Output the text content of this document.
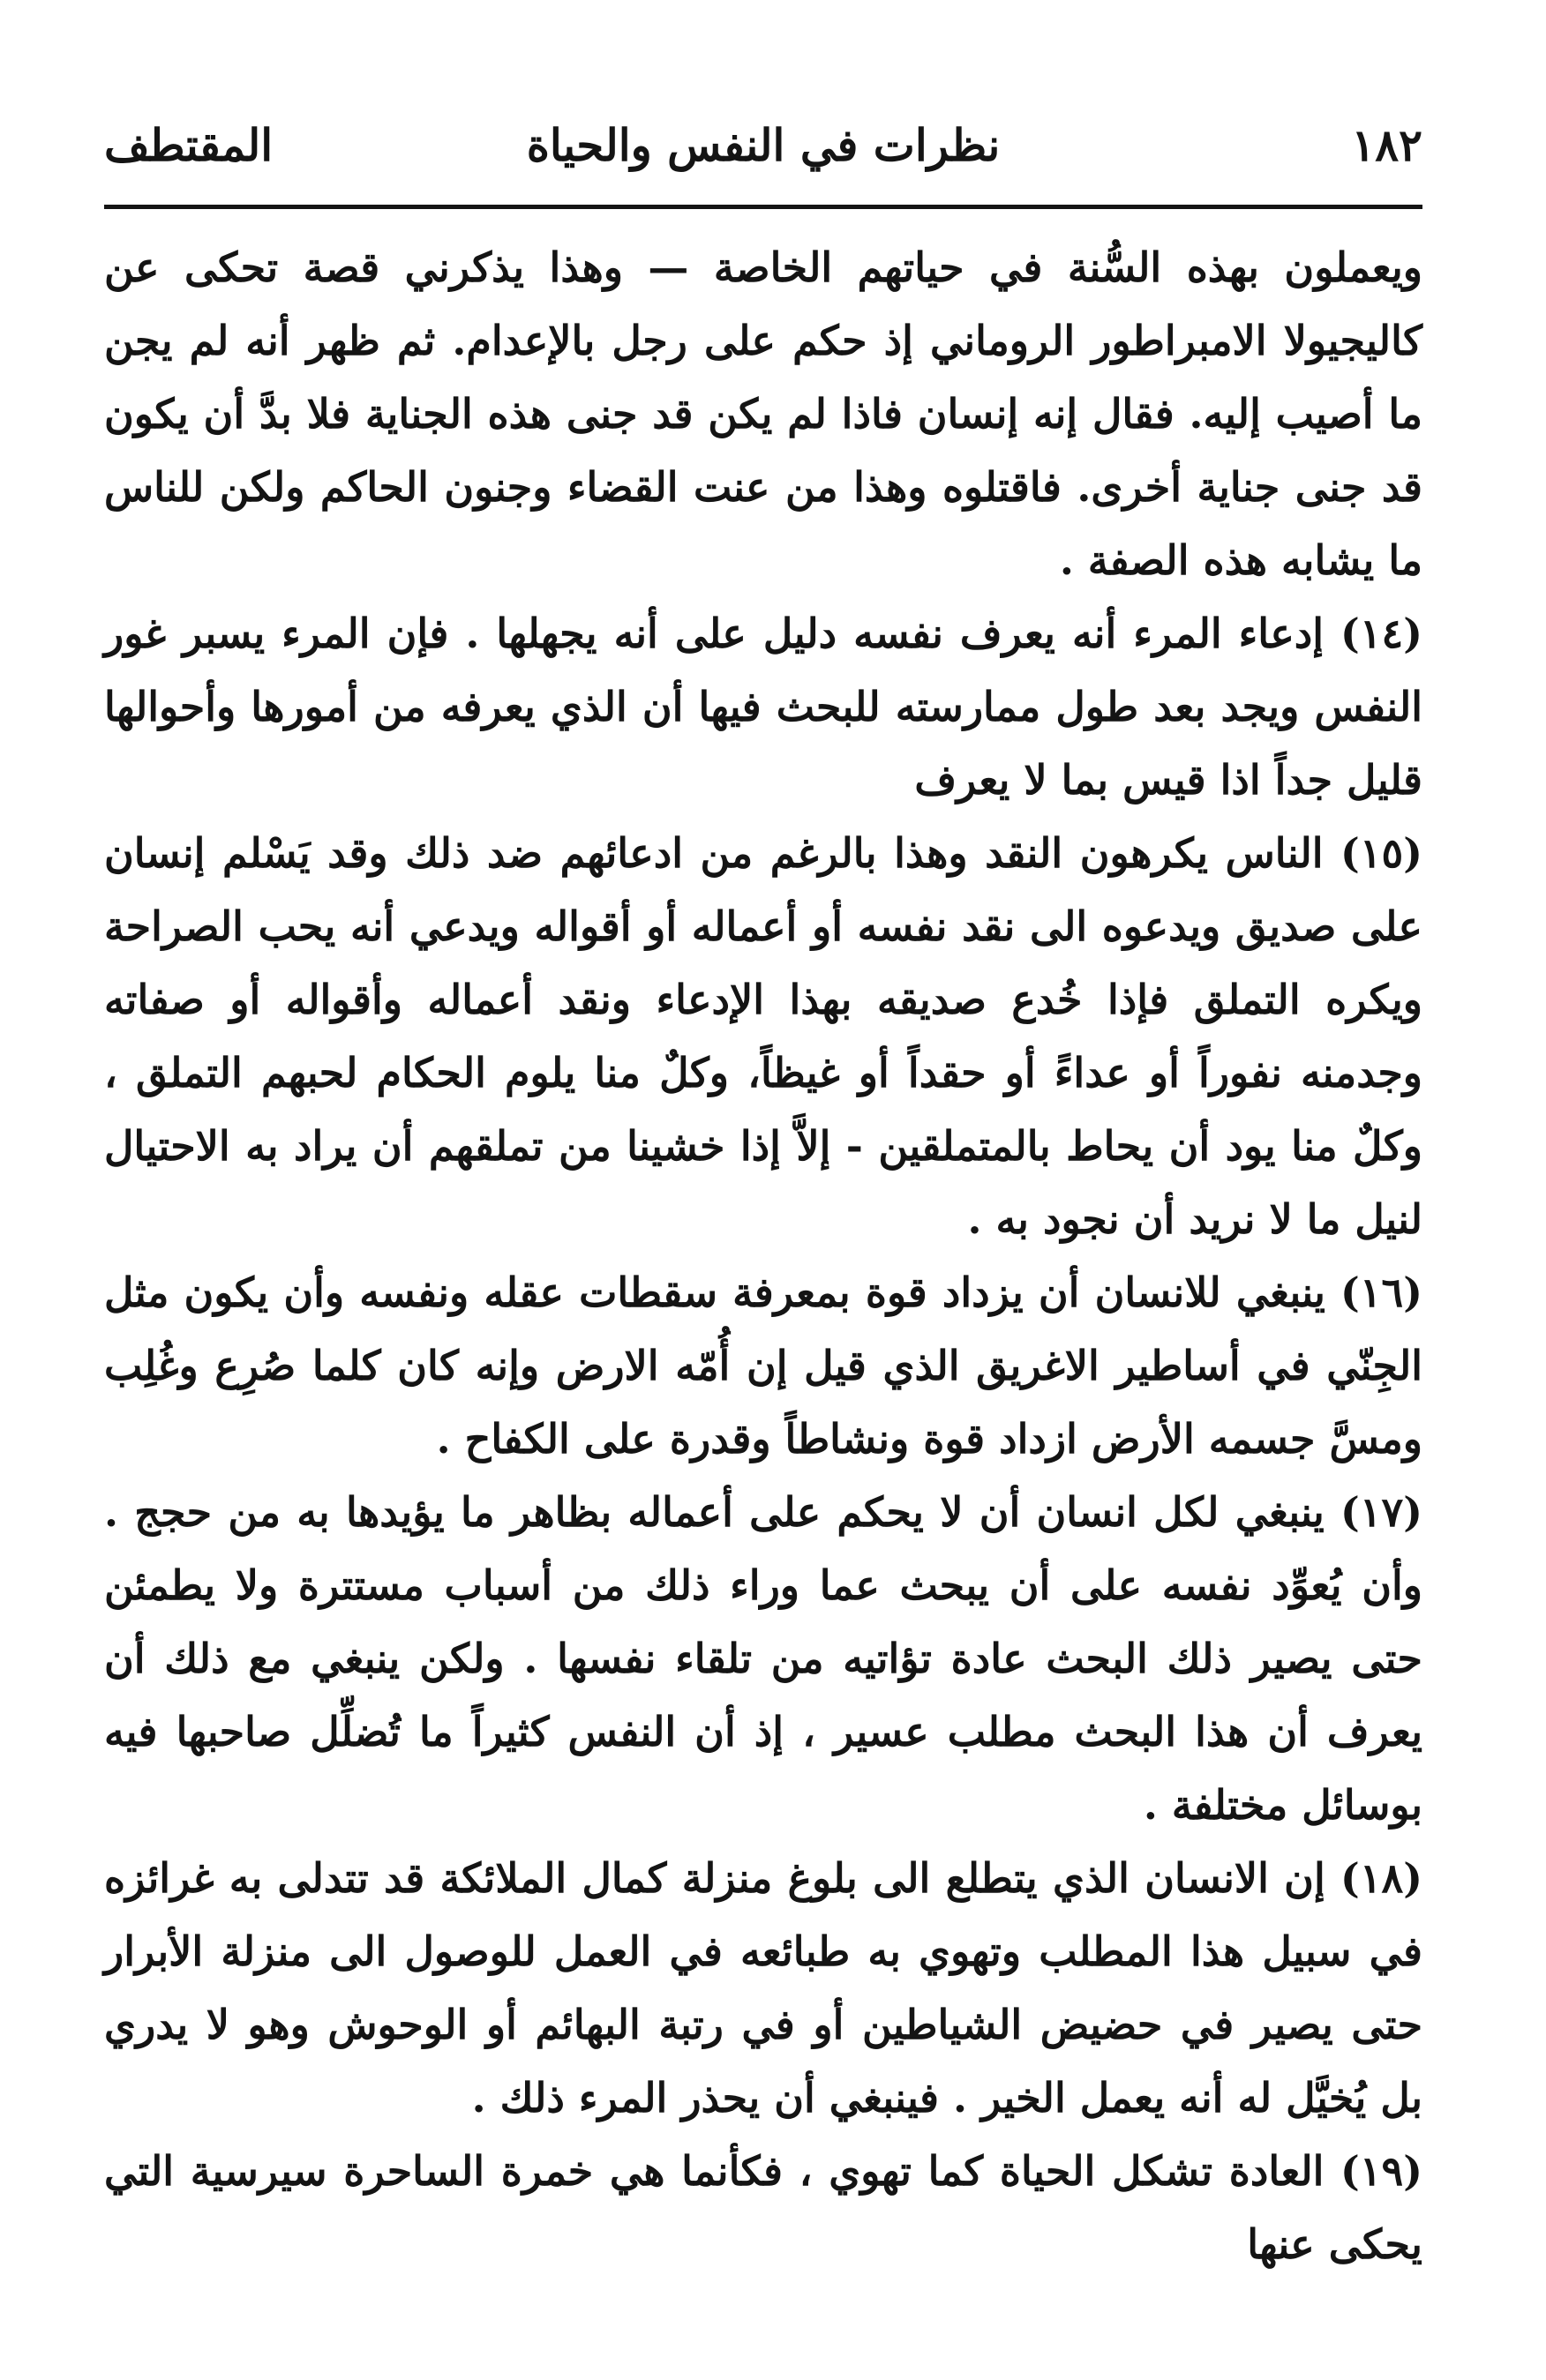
١٨٢
نظرات في النفس والحياة
المقتطف

ويعملون بهذه السُّنة في حياتهم الخاصة — وهذا يذكرني قصة تحكى عن كاليجيولا الامبراطور الروماني إذ حكم على رجل بالإعدام. ثم ظهر أنه لم يجن ما أصيب إليه. فقال إنه إنسان فاذا لم يكن قد جنى هذه الجناية فلا بدَّ أن يكون قد جنى جناية أخرى. فاقتلوه وهذا من عنت القضاء وجنون الحاكم ولكن للناس ما يشابه هذه الصفة .

(١٤) إدعاء المرء أنه يعرف نفسه دليل على أنه يجهلها . فإن المرء يسبر غور النفس ويجد بعد طول ممارسته للبحث فيها أن الذي يعرفه من أمورها وأحوالها قليل جداً اذا قيس بما لا يعرف

(١٥) الناس يكرهون النقد وهذا بالرغم من ادعائهم ضد ذلك وقد يَسْلم إنسان على صديق ويدعوه الى نقد نفسه أو أعماله أو أقواله ويدعي أنه يحب الصراحة ويكره التملق فإذا خُدع صديقه بهذا الإدعاء ونقد أعماله وأقواله أو صفاته وجدمنه نفوراً أو عداءً أو حقداً أو غيظاً، وكلٌ منا يلوم الحكام لحبهم التملق ، وكلٌ منا يود أن يحاط بالمتملقين - إلاَّ إذا خشينا من تملقهم أن يراد به الاحتيال لنيل ما لا نريد أن نجود به .

(١٦) ينبغي للانسان أن يزداد قوة بمعرفة سقطات عقله ونفسه وأن يكون مثل الجِنّي في أساطير الاغريق الذي قيل إن أُمّه الارض وإنه كان كلما صُرِع وغُلِب ومسَّ جسمه الأرض ازداد قوة ونشاطاً وقدرة على الكفاح .

(١٧) ينبغي لكل انسان أن لا يحكم على أعماله بظاهر ما يؤيدها به من حجج . وأن يُعوِّد نفسه على أن يبحث عما وراء ذلك من أسباب مستترة ولا يطمئن حتى يصير ذلك البحث عادة تؤاتيه من تلقاء نفسها . ولكن ينبغي مع ذلك أن يعرف أن هذا البحث مطلب عسير ، إذ أن النفس كثيراً ما تُضلِّل صاحبها فيه بوسائل مختلفة .

(١٨) إن الانسان الذي يتطلع الى بلوغ منزلة كمال الملائكة قد تتدلى به غرائزه في سبيل هذا المطلب وتهوي به طبائعه في العمل للوصول الى منزلة الأبرار حتى يصير في حضيض الشياطين أو في رتبة البهائم أو الوحوش وهو لا يدري بل يُخيَّل له أنه يعمل الخير . فينبغي أن يحذر المرء ذلك .

(١٩) العادة تشكل الحياة كما تهوي ، فكأنما هي خمرة الساحرة سيرسية التي يحكى عنها
